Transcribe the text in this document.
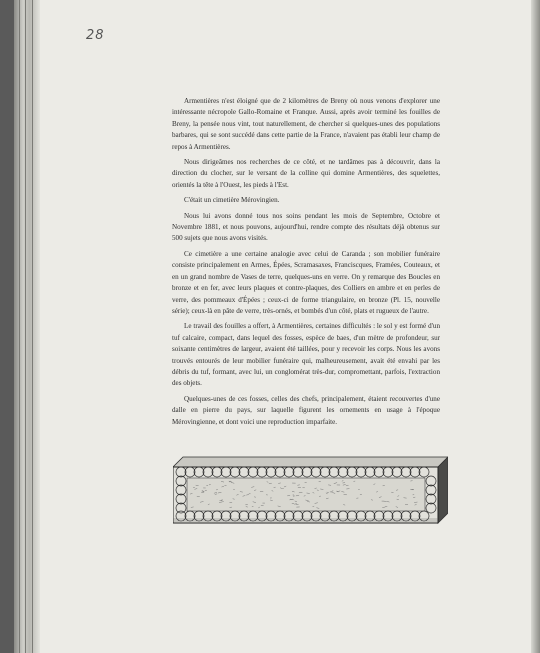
28

Armentières n'est éloigné que de 2 kilomètres de Breny où nous venons d'explorer une intéressante nécropole Gallo-Romaine et Franque. Aussi, après avoir terminé les fouilles de Breny, la pensée nous vint, tout naturellement, de chercher si quelques-unes des populations barbares, qui se sont succédé dans cette partie de la France, n'avaient pas établi leur champ de repos à Armentières.

Nous dirigeâmes nos recherches de ce côté, et ne tardâmes pas à découvrir, dans la direction du clocher, sur le versant de la colline qui domine Armentières, des squelettes, orientés la tête à l'Ouest, les pieds à l'Est.

C'était un cimetière Mérovingien.

Nous lui avons donné tous nos soins pendant les mois de Septembre, Octobre et Novembre 1881, et nous pouvons, aujourd'hui, rendre compte des résultats déjà obtenus sur 500 sujets que nous avons visités.

Ce cimetière a une certaine analogie avec celui de Caranda ; son mobilier funéraire consiste principalement en Armes, Épées, Scramasaxes, Franciscques, Framées, Couteaux, et en un grand nombre de Vases de terre, quelques-uns en verre. On y remarque des Boucles en bronze et en fer, avec leurs plaques et contre-plaques, des Colliers en ambre et en perles de verre, des pommeaux d'Épées ; ceux-ci de forme triangulaire, en bronze (Pl. 15, nouvelle série); ceux-là en pâte de verre, très-ornés, et bombés d'un côté, plats et rugueux de l'autre.

Le travail des fouilles a offert, à Armentières, certaines difficultés : le sol y est formé d'un tuf calcaire, compact, dans lequel des fosses, espèce de baes, d'un mètre de profondeur, sur soixante centimètres de largeur, avaient été taillées, pour y recevoir les corps. Nous les avons trouvés entourés de leur mobilier funéraire qui, malheureusement, avait été envahi par les débris du tuf, formant, avec lui, un conglomérat très-dur, compromettant, parfois, l'extraction des objets.

Quelques-unes de ces fosses, celles des chefs, principalement, étaient recouvertes d'une dalle en pierre du pays, sur laquelle figurent les ornements en usage à l'époque Mérovingienne, et dont voici une reproduction imparfaite.
